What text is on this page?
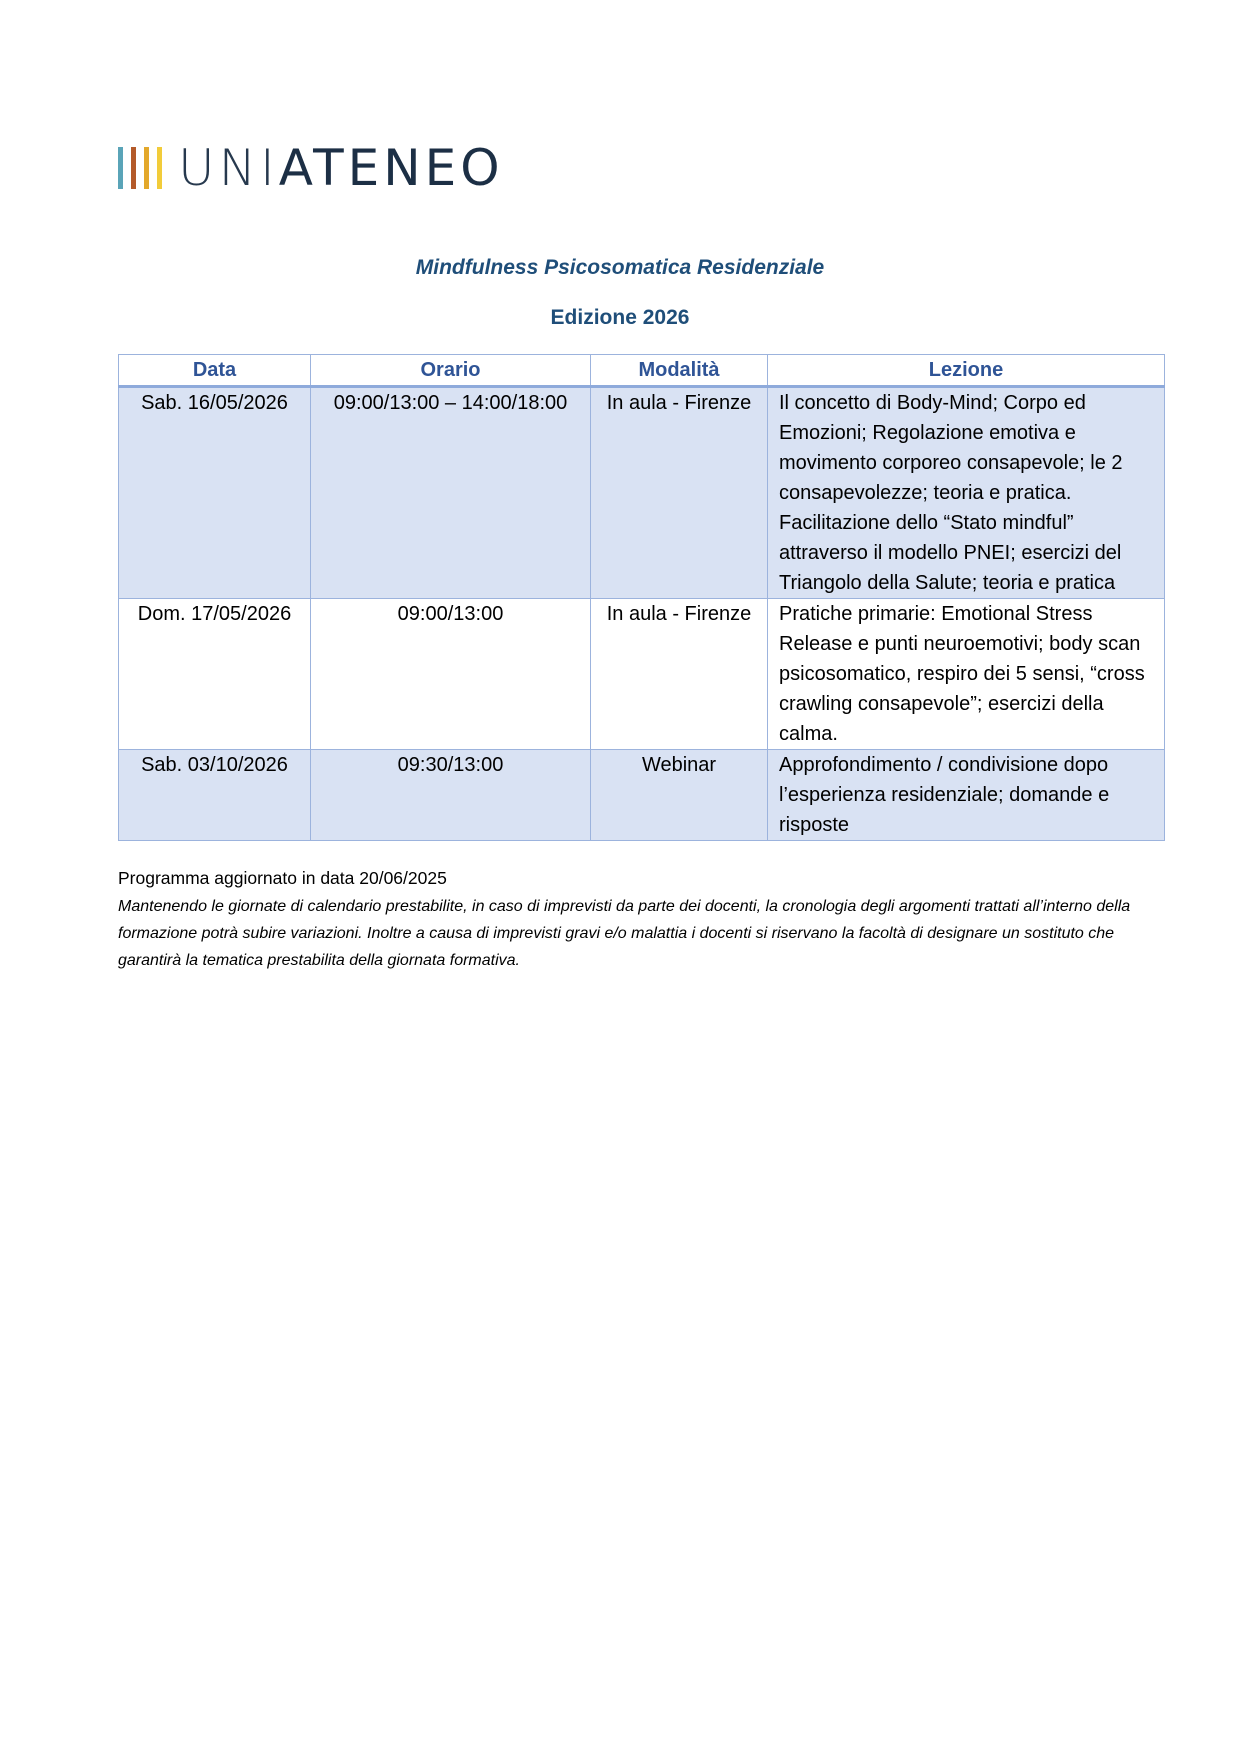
UNIATENEO
Mindfulness Psicosomatica Residenziale
Edizione 2026
Data	Orario	Modalità	Lezione
Sab. 16/05/2026	09:00/13:00 – 14:00/18:00	In aula - Firenze	Il concetto di Body-Mind; Corpo ed Emozioni; Regolazione emotiva e movimento corporeo consapevole; le 2 consapevolezze; teoria e pratica. Facilitazione dello “Stato mindful” attraverso il modello PNEI; esercizi del Triangolo della Salute; teoria e pratica
Dom. 17/05/2026	09:00/13:00	In aula - Firenze	Pratiche primarie: Emotional Stress Release e punti neuroemotivi; body scan psicosomatico, respiro dei 5 sensi, “cross crawling consapevole”; esercizi della calma.
Sab. 03/10/2026	09:30/13:00	Webinar	Approfondimento / condivisione dopo l’esperienza residenziale; domande e risposte
Programma aggiornato in data 20/06/2025
Mantenendo le giornate di calendario prestabilite, in caso di imprevisti da parte dei docenti, la cronologia degli argomenti trattati all’interno della formazione potrà subire variazioni. Inoltre a causa di imprevisti gravi e/o malattia i docenti si riservano la facoltà di designare un sostituto che garantirà la tematica prestabilita della giornata formativa.
